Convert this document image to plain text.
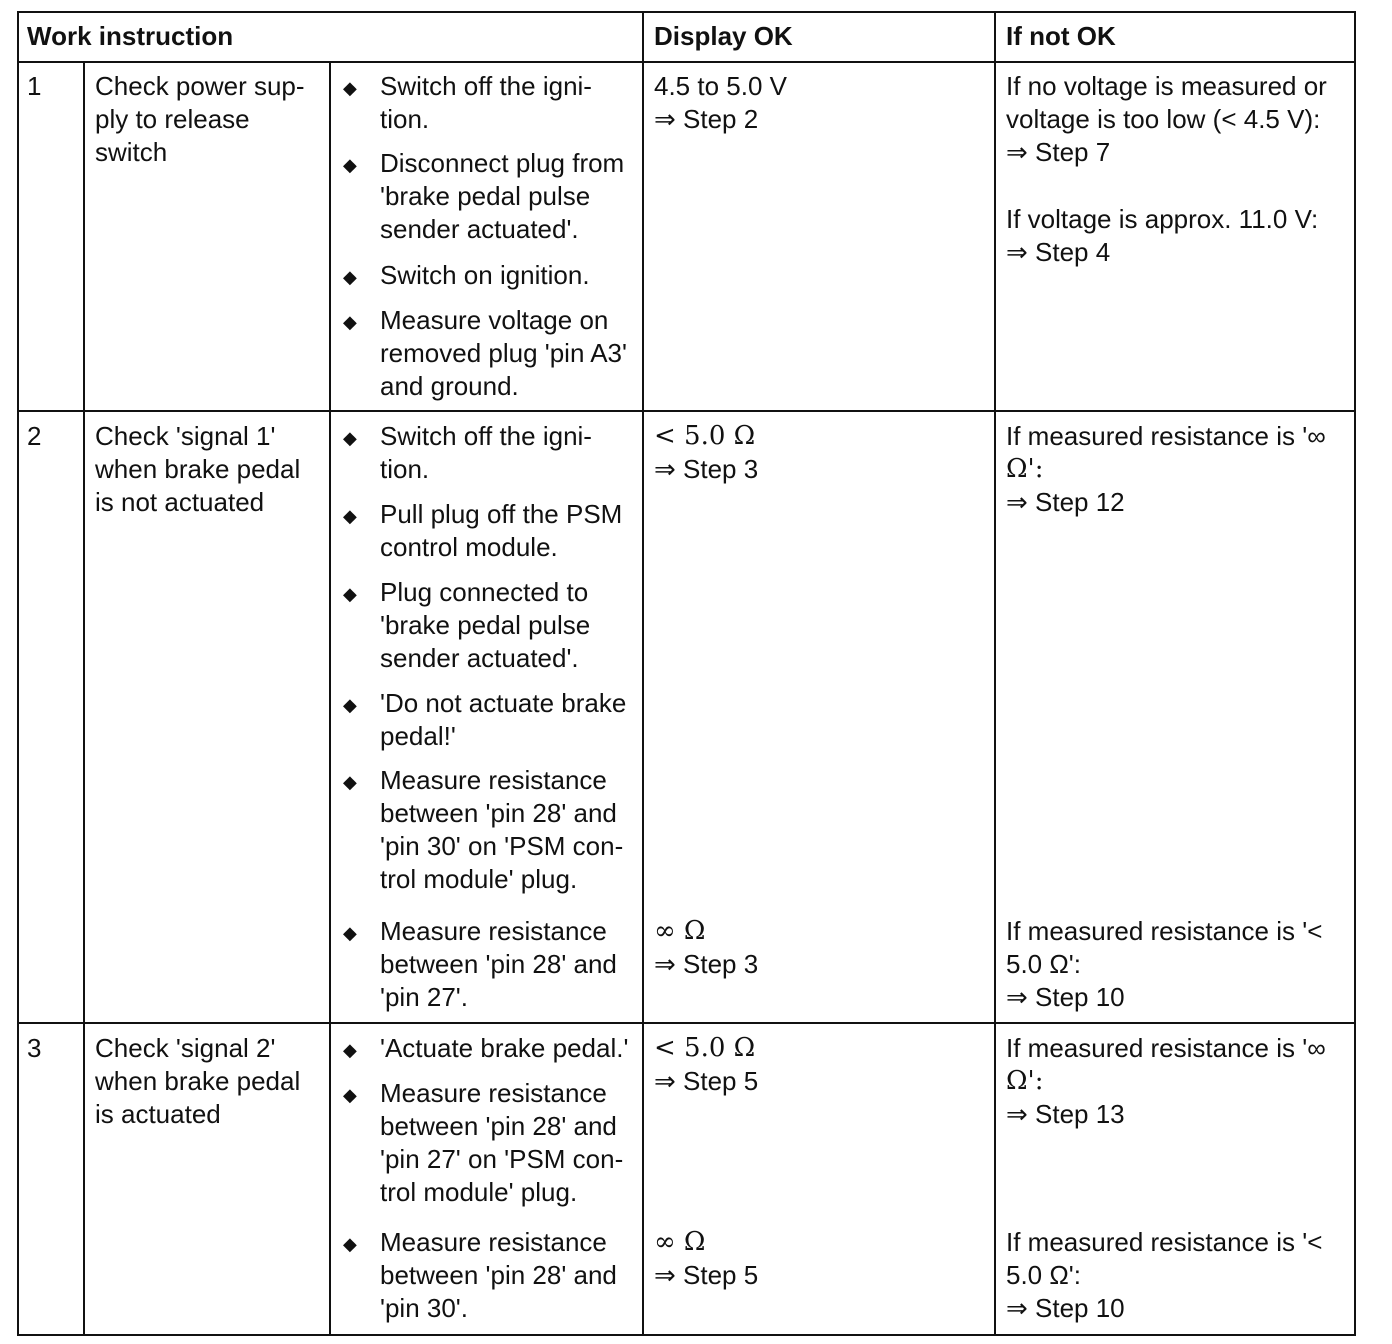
Work instruction	Display OK	If not OK
1 Check power sup-
ply to release
switch
◆ Switch off the igni-
tion.
◆ Disconnect plug from
'brake pedal pulse
sender actuated'.
◆ Switch on ignition.
◆ Measure voltage on
removed plug 'pin A3'
and ground.
4.5 to 5.0 V
⇒ Step 2
If no voltage is measured or
voltage is too low (< 4.5 V):
⇒ Step 7
If voltage is approx. 11.0 V:
⇒ Step 4
2 Check 'signal 1'
when brake pedal
is not actuated
◆ Switch off the igni-
tion.
◆ Pull plug off the PSM
control module.
◆ Plug connected to
'brake pedal pulse
sender actuated'.
◆ 'Do not actuate brake
pedal!'
◆ Measure resistance
between 'pin 28' and
'pin 30' on 'PSM con-
trol module' plug.
◆ Measure resistance
between 'pin 28' and
'pin 27'.
< 5.0 Ω
⇒ Step 3
∞ Ω
⇒ Step 3
If measured resistance is '∞
Ω':
⇒ Step 12
If measured resistance is '<
5.0 Ω':
⇒ Step 10
3 Check 'signal 2'
when brake pedal
is actuated
◆ 'Actuate brake pedal.'
◆ Measure resistance
between 'pin 28' and
'pin 27' on 'PSM con-
trol module' plug.
◆ Measure resistance
between 'pin 28' and
'pin 30'.
< 5.0 Ω
⇒ Step 5
∞ Ω
⇒ Step 5
If measured resistance is '∞
Ω':
⇒ Step 13
If measured resistance is '<
5.0 Ω':
⇒ Step 10
